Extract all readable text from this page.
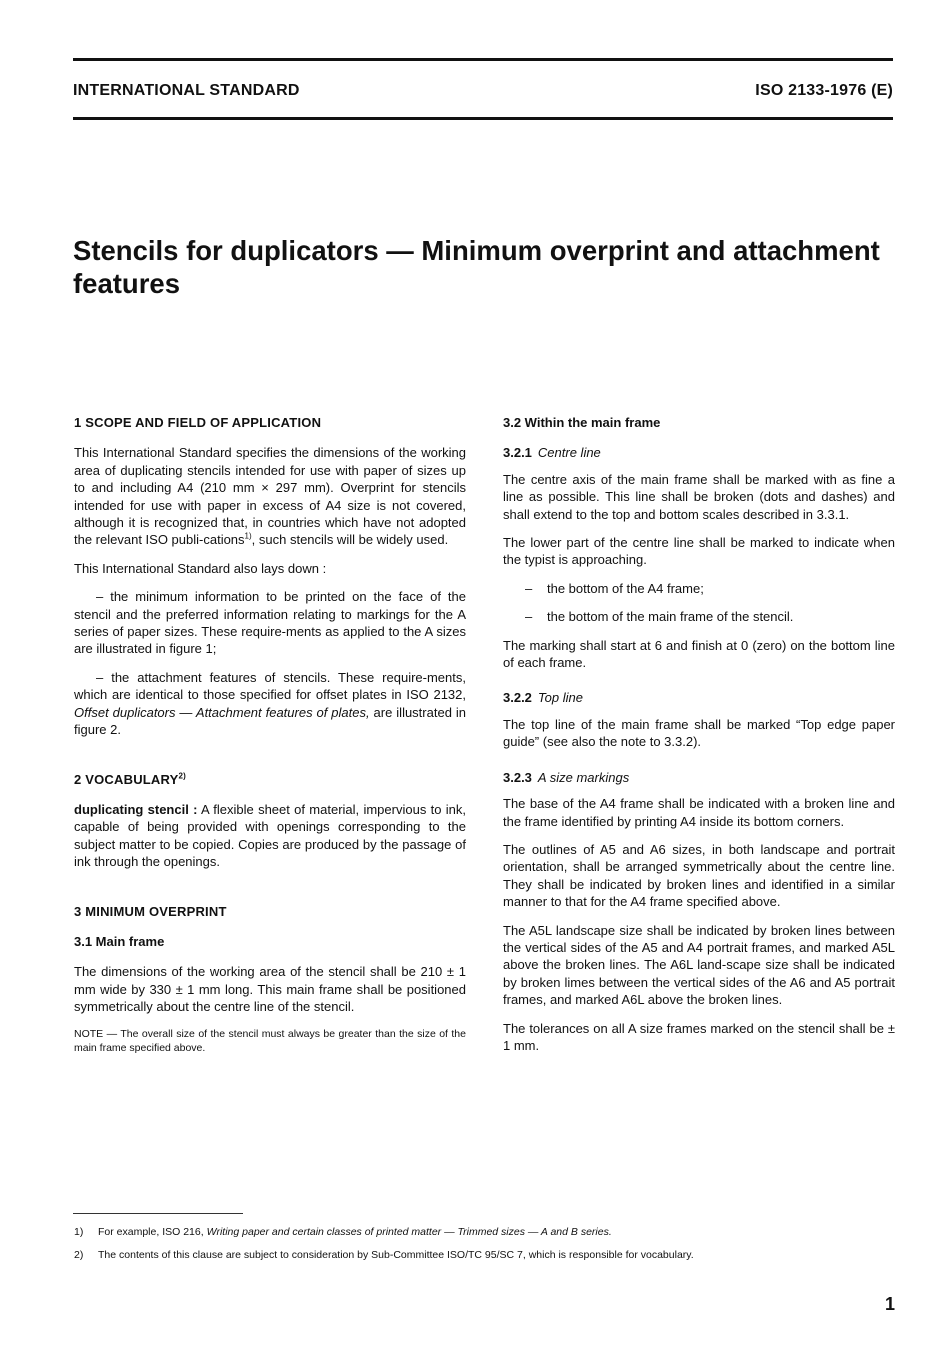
INTERNATIONAL STANDARD	ISO 2133-1976 (E)
Stencils for duplicators — Minimum overprint and attachment features
1 SCOPE AND FIELD OF APPLICATION

This International Standard specifies the dimensions of the working area of duplicating stencils intended for use with paper of sizes up to and including A4 (210 mm × 297 mm). Overprint for stencils intended for use with paper in excess of A4 size is not covered, although it is recognized that, in countries which have not adopted the relevant ISO publi-cations$^{1)}$, such stencils will be widely used.

This International Standard also lays down :

– the minimum information to be printed on the face of the stencil and the preferred information relating to markings for the A series of paper sizes. These require-ments as applied to the A sizes are illustrated in figure 1;

– the attachment features of stencils. These require-ments, which are identical to those specified for offset plates in ISO 2132, Offset duplicators — Attachment features of plates, are illustrated in figure 2.

2 VOCABULARY$^{2)}$

duplicating stencil : A flexible sheet of material, impervious to ink, capable of being provided with openings corresponding to the subject matter to be copied. Copies are produced by the passage of ink through the openings.

3 MINIMUM OVERPRINT
3.1 Main frame

The dimensions of the working area of the stencil shall be 210 ± 1 mm wide by 330 ± 1 mm long. This main frame shall be positioned symmetrically about the centre line of the stencil.

NOTE — The overall size of the stencil must always be greater than the size of the main frame specified above.

3.2 Within the main frame
3.2.1 Centre line

The centre axis of the main frame shall be marked with as fine a line as possible. This line shall be broken (dots and dashes) and shall extend to the top and bottom scales described in 3.3.1.

The lower part of the centre line shall be marked to indicate when the typist is approaching.

– the bottom of the A4 frame;

– the bottom of the main frame of the stencil.

The marking shall start at 6 and finish at 0 (zero) on the bottom line of each frame.

3.2.2 Top line

The top line of the main frame shall be marked “Top edge paper guide” (see also the note to 3.3.2).

3.2.3 A size markings

The base of the A4 frame shall be indicated with a broken line and the frame identified by printing A4 inside its bottom corners.

The outlines of A5 and A6 sizes, in both landscape and portrait orientation, shall be arranged symmetrically about the centre line. They shall be indicated by broken lines and identified in a similar manner to that for the A4 frame specified above.

The A5L landscape size shall be indicated by broken lines between the vertical sides of the A5 and A4 portrait frames, and marked A5L above the broken lines. The A6L land-scape size shall be indicated by broken limes between the vertical sides of the A6 and A5 portrait frames, and marked A6L above the broken lines.

The tolerances on all A size frames marked on the stencil shall be ± 1 mm.

1) For example, ISO 216, Writing paper and certain classes of printed matter — Trimmed sizes — A and B series.

2) The contents of this clause are subject to consideration by Sub-Committee ISO/TC 95/SC 7, which is responsible for vocabulary.

1
